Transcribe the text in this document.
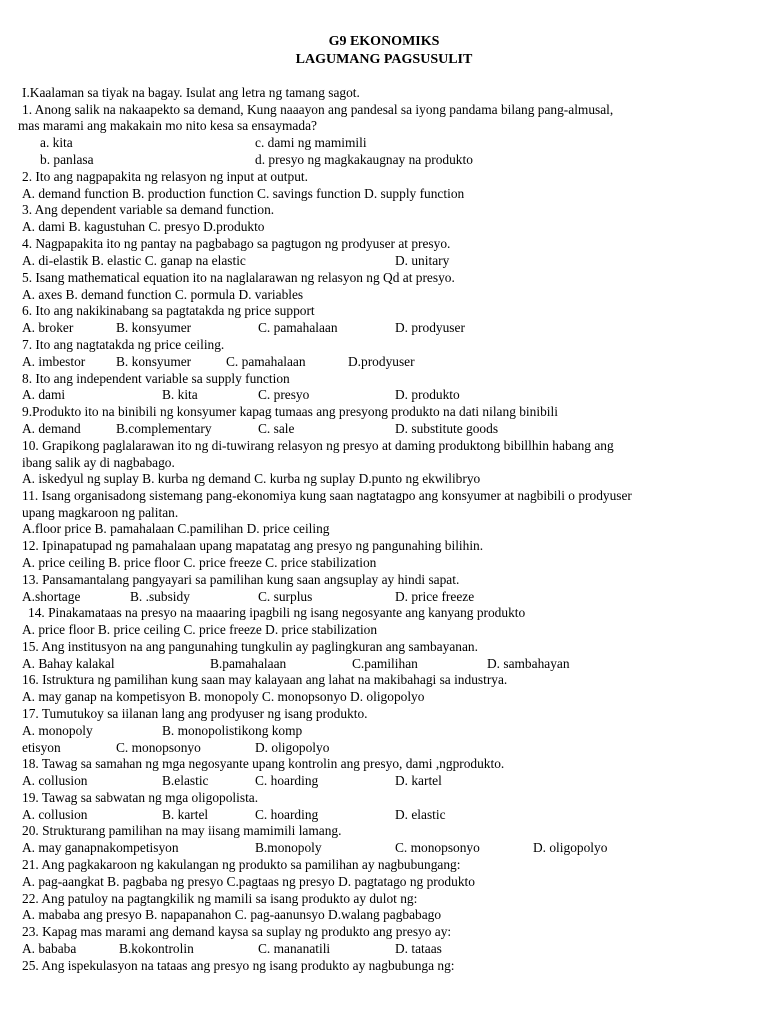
G9 EKONOMIKS
LAGUMANG PAGSUSULIT
I.Kaalaman sa tiyak na bagay. Isulat ang letra ng tamang sagot.
1. Anong salik na nakaapekto sa demand, Kung naaayon ang pandesal sa iyong pandama bilang pang-almusal,
mas marami ang makakain mo nito kesa sa ensaymada?
a. kita	c. dami ng mamimili
b. panlasa	d. presyo ng magkakaugnay na produkto
2. Ito ang nagpapakita ng relasyon ng input at output.
A. demand function B. production function C. savings function D. supply function
3. Ang dependent variable sa demand function.
A. dami B. kagustuhan C. presyo D.produkto
4. Nagpapakita ito ng pantay na pagbabago sa pagtugon ng prodyuser at presyo.
A. di-elastik B. elastic C. ganap na elastic	D. unitary
5. Isang mathematical equation ito na naglalarawan ng relasyon ng Qd at presyo.
A. axes B. demand function C. pormula D. variables
6. Ito ang nakikinabang sa pagtatakda ng price support
A. broker	B. konsyumer	C. pamahalaan	D. prodyuser
7. Ito ang nagtatakda ng price ceiling.
A. imbestor B. konsyumer	C. pamahalaan	D.prodyuser
8. Ito ang independent variable sa supply function
A. dami	B. kita	C. presyo	D. produkto
9.Produkto ito na binibili ng konsyumer kapag tumaas ang presyong produkto na dati nilang binibili
A. demand	B.complementary	C. sale	D. substitute goods
10. Grapikong paglalarawan ito ng di-tuwirang relasyon ng presyo at daming produktong bibillhin habang ang
ibang salik ay di nagbabago.
A. iskedyul ng suplay B. kurba ng demand C. kurba ng suplay D.punto ng ekwilibryo
11. Isang organisadong sistemang pang-ekonomiya kung saan nagtatagpo ang konsyumer at nagbibili o prodyuser
upang magkaroon ng palitan.
A.floor price B. pamahalaan C.pamilihan D. price ceiling
12. Ipinapatupad ng pamahalaan upang mapatatag ang presyo ng pangunahing bilihin.
A. price ceiling B. price floor C. price freeze C. price stabilization
13. Pansamantalang pangyayari sa pamilihan kung saan angsuplay ay hindi sapat.
A.shortage	B. .subsidy	C. surplus	D. price freeze
14. Pinakamataas na presyo na maaaring ipagbili ng isang negosyante ang kanyang produkto
A. price floor B. price ceiling C. price freeze D. price stabilization
15. Ang institusyon na ang pangunahing tungkulin ay paglingkuran ang sambayanan.
A. Bahay kalakal	B.pamahalaan	C.pamilihan	D. sambahayan
16. Istruktura ng pamilihan kung saan may kalayaan ang lahat na makibahagi sa industrya.
A. may ganap na kompetisyon B. monopoly C. monopsonyo D. oligopolyo
17. Tumutukoy sa iilanan lang ang prodyuser ng isang produkto.
A. monopoly	B. monopolistikong komp
etisyon	C. monopsonyo	D. oligopolyo
18. Tawag sa samahan ng mga negosyante upang kontrolin ang presyo, dami ,ngprodukto.
A. collusion	B.elastic	C. hoarding	D. kartel
19. Tawag sa sabwatan ng mga oligopolista.
A. collusion	B. kartel	C. hoarding	D. elastic
20. Strukturang pamilihan na may iisang mamimili lamang.
A. may ganapnakompetisyon	B.monopoly	C. monopsonyo	D. oligopolyo
21. Ang pagkakaroon ng kakulangan ng produkto sa pamilihan ay nagbubungang:
A. pag-aangkat B. pagbaba ng presyo C.pagtaas ng presyo D. pagtatago ng produkto
22. Ang patuloy na pagtangkilik ng mamili sa isang produkto ay dulot ng:
A. mababa ang presyo B. napapanahon C. pag-aanunsyo D.walang pagbabago
23. Kapag mas marami ang demand kaysa sa suplay ng produkto ang presyo ay:
A. bababa	B.kokontrolin	C. mananatili	D. tataas
25. Ang ispekulasyon na tataas ang presyo ng isang produkto ay nagbubunga ng:
